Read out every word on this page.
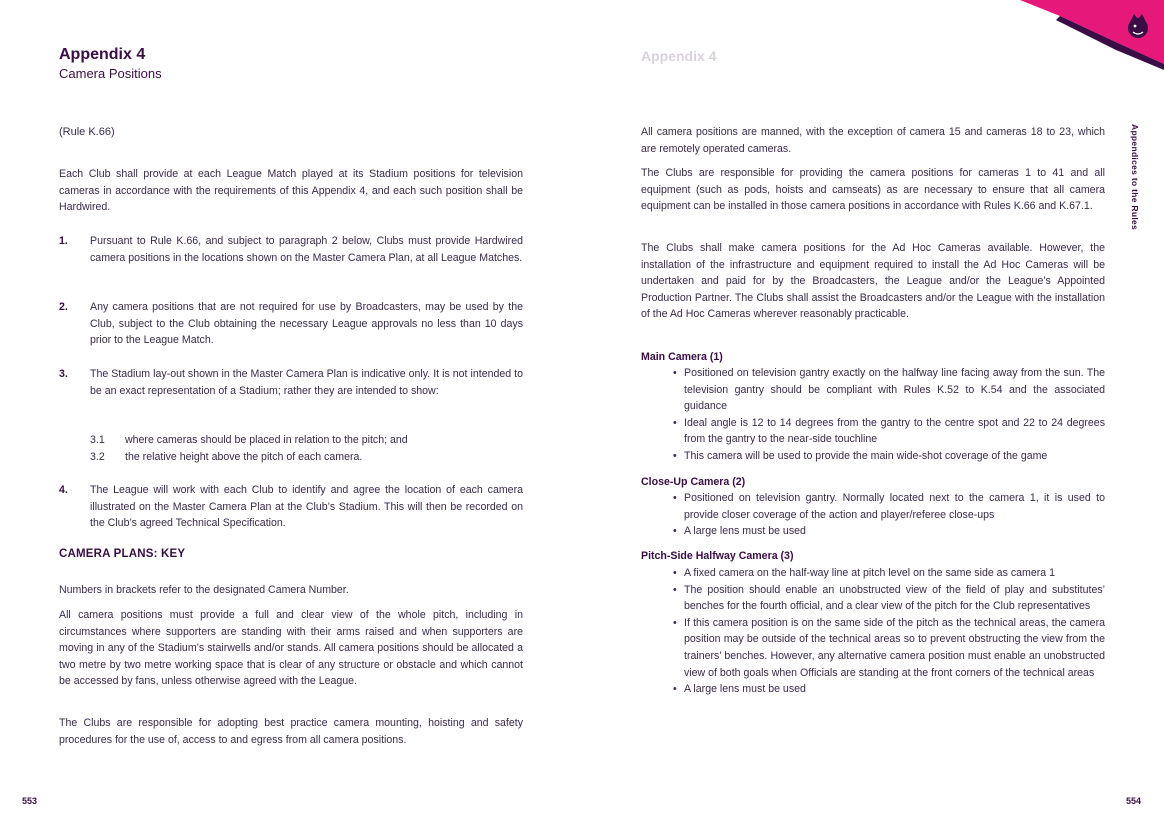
Appendix 4
Camera Positions
(Rule K.66)
Each Club shall provide at each League Match played at its Stadium positions for television cameras in accordance with the requirements of this Appendix 4, and each such position shall be Hardwired.
1. Pursuant to Rule K.66, and subject to paragraph 2 below, Clubs must provide Hardwired camera positions in the locations shown on the Master Camera Plan, at all League Matches.
2. Any camera positions that are not required for use by Broadcasters, may be used by the Club, subject to the Club obtaining the necessary League approvals no less than 10 days prior to the League Match.
3. The Stadium lay-out shown in the Master Camera Plan is indicative only. It is not intended to be an exact representation of a Stadium; rather they are intended to show:
3.1 where cameras should be placed in relation to the pitch; and
3.2 the relative height above the pitch of each camera.
4. The League will work with each Club to identify and agree the location of each camera illustrated on the Master Camera Plan at the Club’s Stadium. This will then be recorded on the Club’s agreed Technical Specification.
CAMERA PLANS: KEY
Numbers in brackets refer to the designated Camera Number.
All camera positions must provide a full and clear view of the whole pitch, including in circumstances where supporters are standing with their arms raised and when supporters are moving in any of the Stadium’s stairwells and/or stands. All camera positions should be allocated a two metre by two metre working space that is clear of any structure or obstacle and which cannot be accessed by fans, unless otherwise agreed with the League.
The Clubs are responsible for adopting best practice camera mounting, hoisting and safety procedures for the use of, access to and egress from all camera positions.
553
Appendix 4
All camera positions are manned, with the exception of camera 15 and cameras 18 to 23, which are remotely operated cameras.
The Clubs are responsible for providing the camera positions for cameras 1 to 41 and all equipment (such as pods, hoists and camseats) as are necessary to ensure that all camera equipment can be installed in those camera positions in accordance with Rules K.66 and K.67.1.
The Clubs shall make camera positions for the Ad Hoc Cameras available. However, the installation of the infrastructure and equipment required to install the Ad Hoc Cameras will be undertaken and paid for by the Broadcasters, the League and/or the League’s Appointed Production Partner. The Clubs shall assist the Broadcasters and/or the League with the installation of the Ad Hoc Cameras wherever reasonably practicable.
Main Camera (1)
• Positioned on television gantry exactly on the halfway line facing away from the sun. The television gantry should be compliant with Rules K.52 to K.54 and the associated guidance
• Ideal angle is 12 to 14 degrees from the gantry to the centre spot and 22 to 24 degrees from the gantry to the near-side touchline
• This camera will be used to provide the main wide-shot coverage of the game
Close-Up Camera (2)
• Positioned on television gantry. Normally located next to the camera 1, it is used to provide closer coverage of the action and player/referee close-ups
• A large lens must be used
Pitch-Side Halfway Camera (3)
• A fixed camera on the half-way line at pitch level on the same side as camera 1
• The position should enable an unobstructed view of the field of play and substitutes’ benches for the fourth official, and a clear view of the pitch for the Club representatives
• If this camera position is on the same side of the pitch as the technical areas, the camera position may be outside of the technical areas so to prevent obstructing the view from the trainers’ benches. However, any alternative camera position must enable an unobstructed view of both goals when Officials are standing at the front corners of the technical areas
• A large lens must be used
Appendices to the Rules
554
